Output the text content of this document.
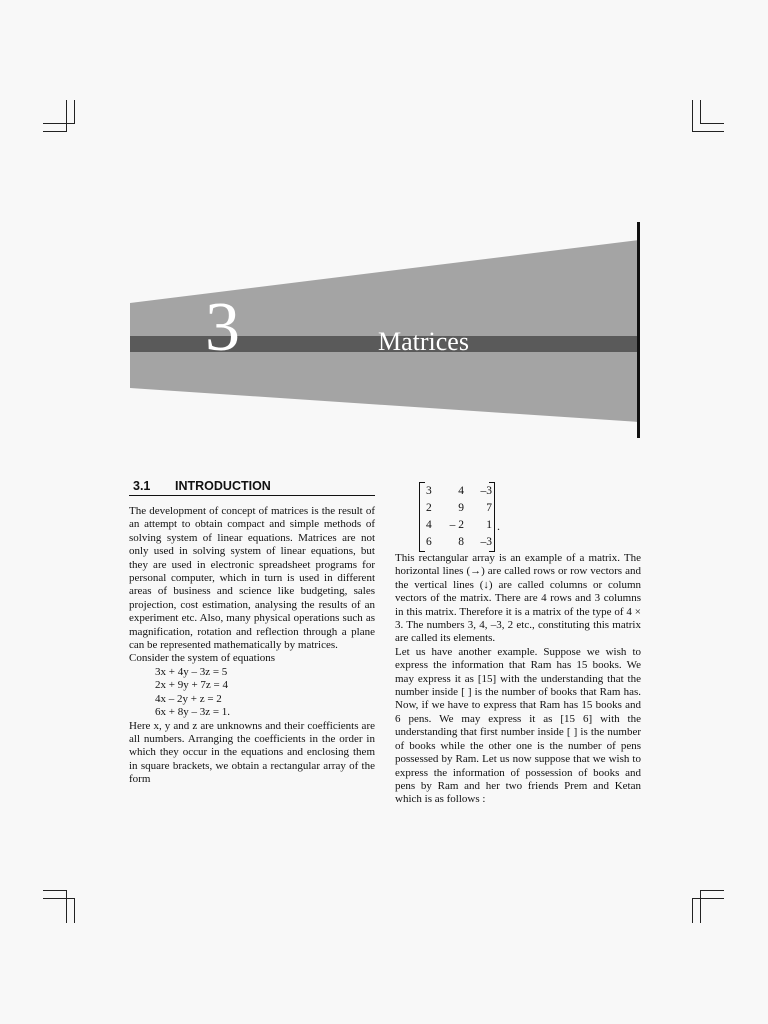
3	Matrices
3.1	INTRODUCTION

The development of concept of matrices is the result of an attempt to obtain compact and simple methods of solving system of linear equations. Matrices are not only used in solving system of linear equations, but they are used in electronic spreadsheet programs for personal computer, which in turn is used in different areas of business and science like budgeting, sales projection, cost estimation, analysing the results of an experiment etc. Also, many physical operations such as magnification, rotation and reflection through a plane can be represented mathematically by matrices.

Consider the system of equations

3x + 4y – 3z = 5

2x + 9y + 7z = 4

4x – 2y + z = 2

6x + 8y – 3z = 1.

Here x, y and z are unknowns and their coefficients are all numbers. Arranging the coefficients in the order in which they occur in the equations and enclosing them in square brackets, we obtain a rectangular array of the form

3	4	–3
2	9	7
4	– 2	1
6	8	–3
.

This rectangular array is an example of a matrix. The horizontal lines (→) are called rows or row vectors and the vertical lines (↓) are called columns or column vectors of the matrix. There are 4 rows and 3 columns in this matrix. Therefore it is a matrix of the type of 4 × 3. The numbers 3, 4, –3, 2 etc., constituting this matrix are called its elements.

Let us have another example. Suppose we wish to express the information that Ram has 15 books. We may express it as [15] with the understanding that the number inside [ ] is the number of books that Ram has. Now, if we have to express that Ram has 15 books and 6 pens. We may express it as [15 6] with the understanding that first number inside [ ] is the number of books while the other one is the number of pens possessed by Ram. Let us now suppose that we wish to express the information of possession of books and pens by Ram and her two friends Prem and Ketan which is as follows :
